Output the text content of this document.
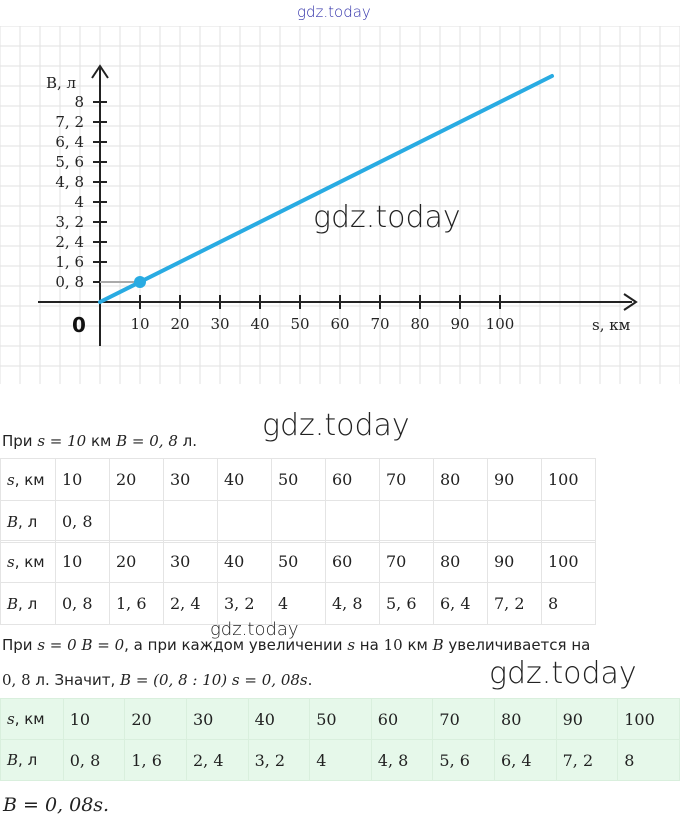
gdz.today
10 20 30 40 50 60 70 80 90 100
0, 8
1, 6
2, 4
3, 2
4
4, 8
5, 6
6, 4
7, 2
8
0	s, км
B, л
gdz.today
gdz.today
При s = 10 км B = 0, 8 л.
s, км	10	20	30	40	50	60	70	80	90	100
B, л	0, 8									
s, км	10	20	30	40	50	60	70	80	90	100
B, л	0, 8	1, 6	2, 4	3, 2	4	4, 8	5, 6	6, 4	7, 2	8
При s = 0 B = 0, а при каждом увеличении s на 10 км B увеличивается на
gdz.today
0, 8 л. Значит, B = (0, 8 : 10) s = 0, 08s.	gdz.today
s, км	10	20	30	40	50	60	70	80	90	100
B, л	0, 8	1, 6	2, 4	3, 2	4	4, 8	5, 6	6, 4	7, 2	8
B = 0, 08s.
